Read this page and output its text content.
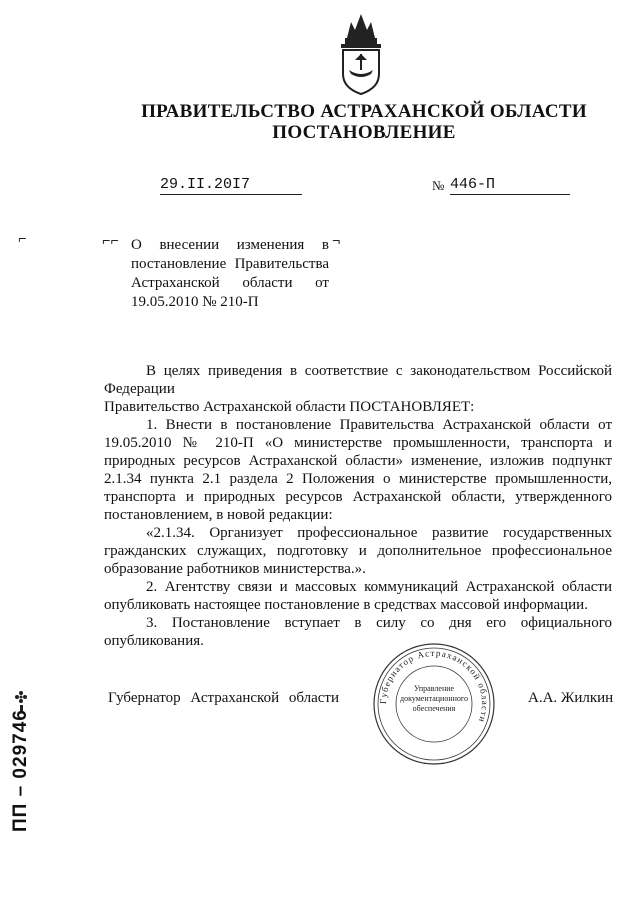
ПРАВИТЕЛЬСТВО АСТРАХАНСКОЙ ОБЛАСТИ
ПОСТАНОВЛЕНИЕ
29.II.20I7	№ 446-П
⌐	⌐⌐	¬
О внесении изменения в постановление Правительства Астраханской области от 19.05.2010 № 210-П

В целях приведения в соответствие с законодательством Российской Федерации

Правительство Астраханской области ПОСТАНОВЛЯЕТ:

1. Внести в постановление Правительства Астраханской области от 19.05.2010 № 210-П «О министерстве промышленности, транспорта и природных ресурсов Астраханской области» изменение, изложив подпункт 2.1.34 пункта 2.1 раздела 2 Положения о министерстве промышленности, транспорта и природных ресурсов Астраханской области, утвержденного постановлением, в новой редакции:

«2.1.34. Организует профессиональное развитие государственных гражданских служащих, подготовку и дополнительное профессиональное образование работников министерства.».

2. Агентству связи и массовых коммуникаций Астраханской области опубликовать настоящее постановление в средствах массовой информации.

3. Постановление вступает в силу со дня его официального опубликования.

Губернатор Астраханской области	А.А. Жилкин
Губернатор Астраханской области
Управление документационного обеспечения
ПП – 029746
